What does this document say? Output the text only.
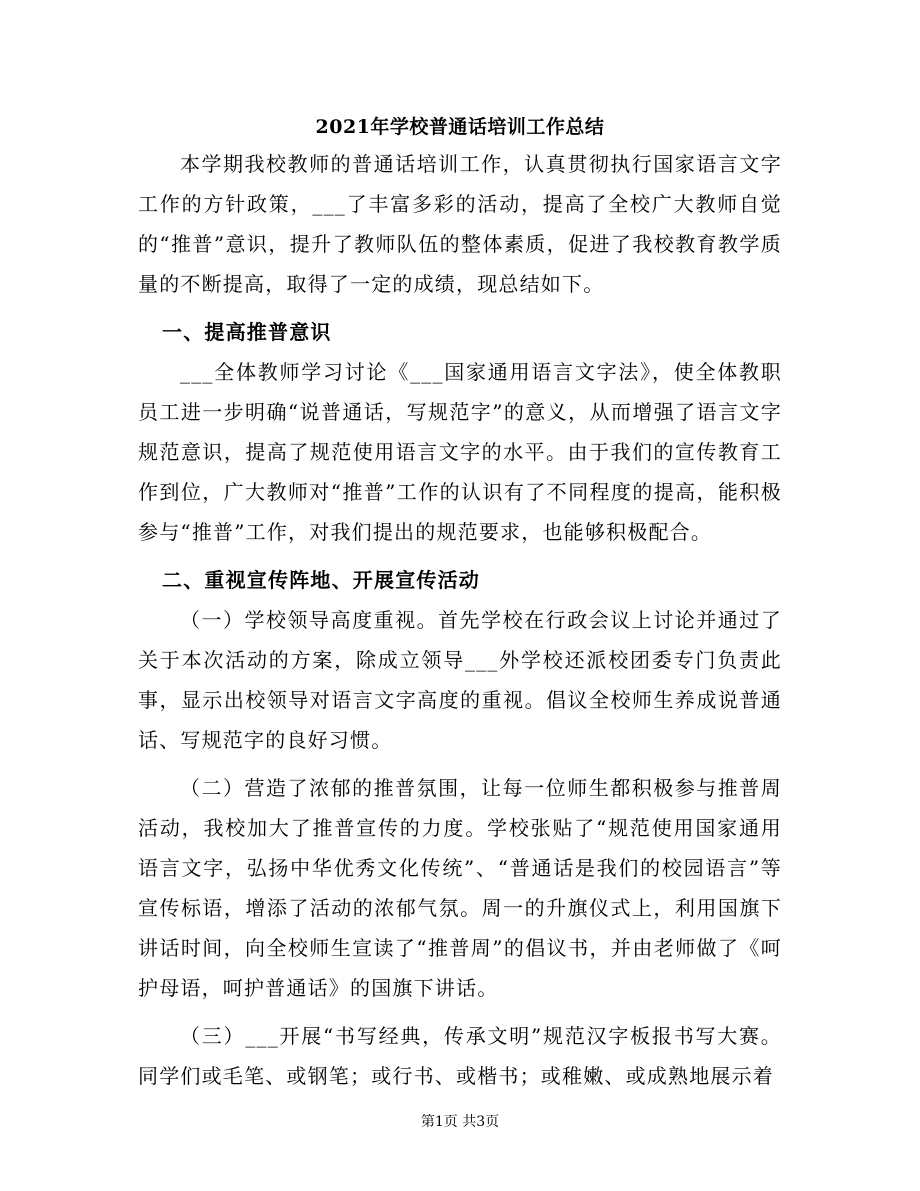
2021年学校普通话培训工作总结

本学期我校教师的普通话培训工作，认真贯彻执行国家语言文字工作的方针政策，___了丰富多彩的活动，提高了全校广大教师自觉的“推普”意识，提升了教师队伍的整体素质，促进了我校教育教学质量的不断提高，取得了一定的成绩，现总结如下。

一、提高推普意识

___全体教师学习讨论《___国家通用语言文字法》，使全体教职员工进一步明确“说普通话，写规范字”的意义，从而增强了语言文字规范意识，提高了规范使用语言文字的水平。由于我们的宣传教育工作到位，广大教师对“推普”工作的认识有了不同程度的提高，能积极参与“推普”工作，对我们提出的规范要求，也能够积极配合。

二、重视宣传阵地、开展宣传活动

（一）学校领导高度重视。首先学校在行政会议上讨论并通过了关于本次活动的方案，除成立领导___外学校还派校团委专门负责此事，显示出校领导对语言文字高度的重视。倡议全校师生养成说普通话、写规范字的良好习惯。

（二）营造了浓郁的推普氛围，让每一位师生都积极参与推普周活动，我校加大了推普宣传的力度。学校张贴了“规范使用国家通用语言文字，弘扬中华优秀文化传统”、“普通话是我们的校园语言”等宣传标语，增添了活动的浓郁气氛。周一的升旗仪式上，利用国旗下讲话时间，向全校师生宣读了“推普周”的倡议书，并由老师做了《呵护母语，呵护普通话》的国旗下讲话。

（三）___开展“书写经典，传承文明”规范汉字板报书写大赛。同学们或毛笔、或钢笔；或行书、或楷书；或稚嫩、或成熟地展示着

第1页 共3页
